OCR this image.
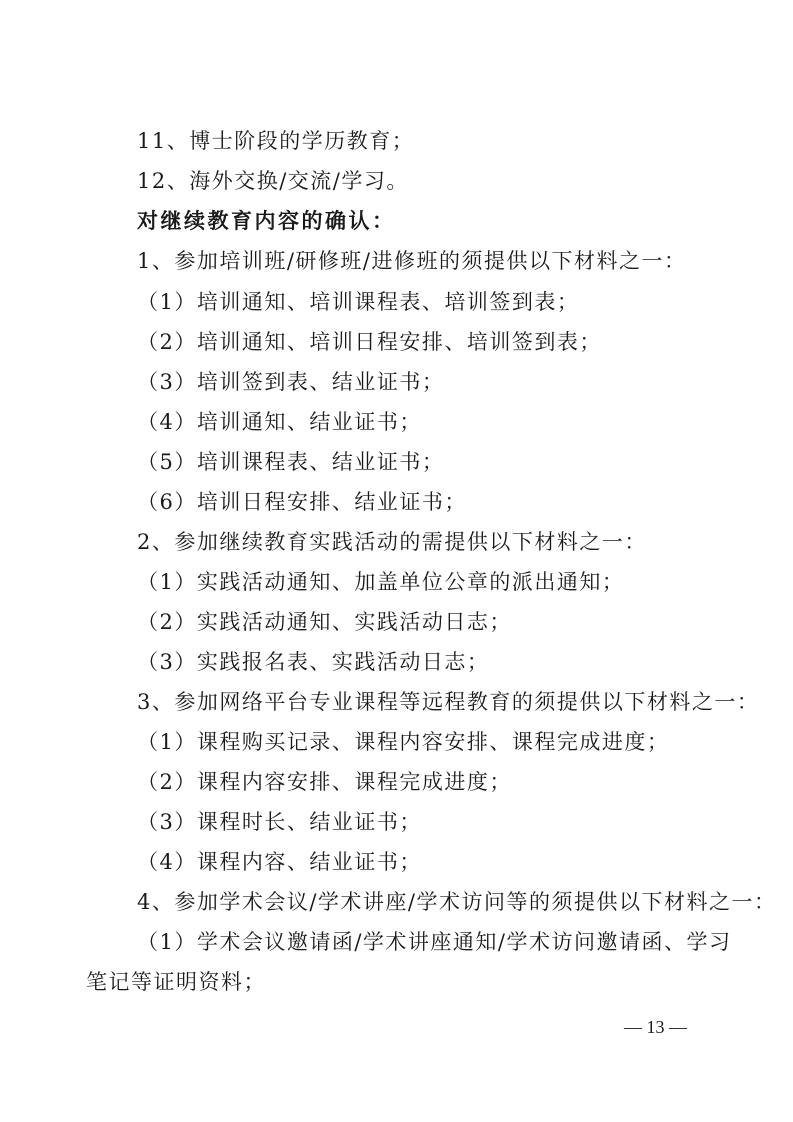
11、博士阶段的学历教育；
12、海外交换/交流/学习。
对继续教育内容的确认：
1、参加培训班/研修班/进修班的须提供以下材料之一：
（1）培训通知、培训课程表、培训签到表；
（2）培训通知、培训日程安排、培训签到表；
（3）培训签到表、结业证书；
（4）培训通知、结业证书；
（5）培训课程表、结业证书；
（6）培训日程安排、结业证书；
2、参加继续教育实践活动的需提供以下材料之一：
（1）实践活动通知、加盖单位公章的派出通知；
（2）实践活动通知、实践活动日志；
（3）实践报名表、实践活动日志；
3、参加网络平台专业课程等远程教育的须提供以下材料之一：
（1）课程购买记录、课程内容安排、课程完成进度；
（2）课程内容安排、课程完成进度；
（3）课程时长、结业证书；
（4）课程内容、结业证书；
4、参加学术会议/学术讲座/学术访问等的须提供以下材料之一：
（1）学术会议邀请函/学术讲座通知/学术访问邀请函、学习
笔记等证明资料；
— 13 —
